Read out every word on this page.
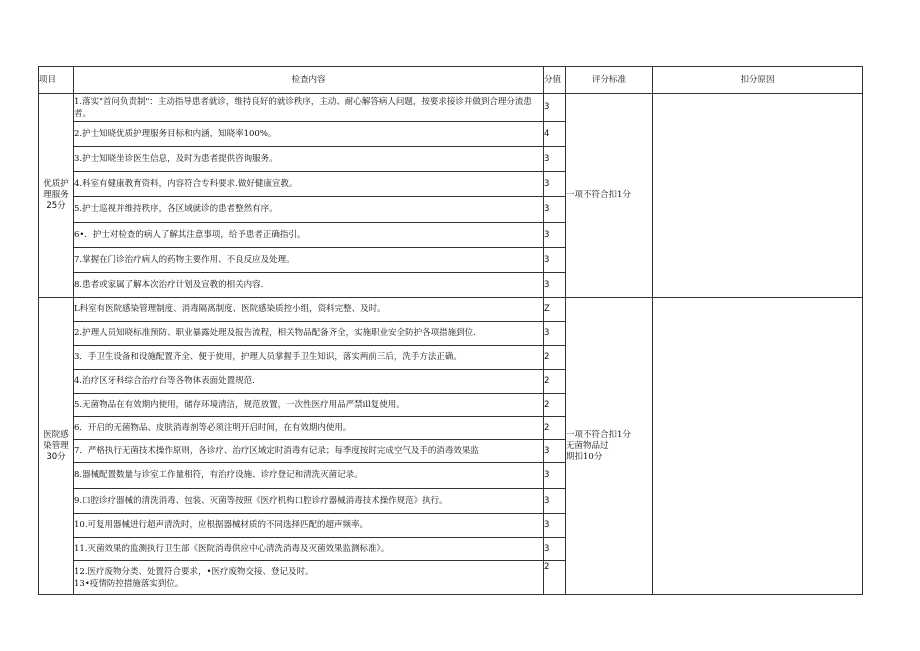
项目	检查内容	分值	评分标准	扣分原因

优质护
理服务
25分	1.落实"首问负责制"：主动指导患者就诊，维持良好的就诊秩序，主动、耐心解答病人问题，按要求接诊并做到合理分流患者。	3	一项不符合扣1分	
	2.护士知晓优质护理服务目标和内涵，知晓率100%。	4		
	3.护士知晓坐诊医生信息，及时为患者提供咨询服务。	3		
	4.科室有健康教育资料，内容符合专科要求.做好健康宣教。	3		
	5.护士巡视并维持秩序，各区域就诊的患者整然有序。	3		
	6•．护士对检查的病人了解其注意事项，给予患者正确指引。	3		
	7.掌握在门诊治疗病人的药物主要作用、不良反应及处理。	3		
	8.患者或家属了解本次治疗计划及宣教的相关内容.	3		

医院感
染管理
30分	L科室有医院感染管理制度、消毒隔离制度、医院感染质控小组，资料完整、及时。	Z	一项不符合扣1分
无菌物品过
期扣10分	

	2.护理人员知晓标准预防、职业暴露处理及报告流程，相关物品配备齐全，实施职业安全防护各项措施到位.	3		
	3．手卫生设备和设施配置齐全、便于使用，护理人员掌握手卫生知识，落实两前三后，洗手方法正确。	2		
	4.治疗区牙科综合治疗台等各物体表面处置规范.	2		
	5.无菌物品在有效期内使用，储存环境清洁，规范放置，一次性医疗用品严禁ill复使用。	2		
	6．开启的无菌物品、皮肤消毒剂等必须注明开启时间，在有效期内使用。	2		
	7．严格执行无菌技术操作原则，各诊疗、治疗区域定时消毒有记录；每季度按时完成空气及手的消毒效果监	3		
	8.器械配置数量与诊室工作量相符，有治疗设施、诊疗登记和清洗灭菌记录。	3		
	9.口腔诊疗器械的清洗消毒、包装、灭菌等按照《医疗机构口腔诊疗器械消毒技术操作规范》执行。	3		
	10.可复用器械进行超声清洗时，应根据器械材质的不同选择匹配的超声频率。	3		
	11.灭菌效果的监测执行卫生部《医院消毒供应中心清洗消毒及灭菌效果监测标准》。	3		

	12.医疗废物分类、处置符合要求，•医疗废物交接、登记及时。
13•疫情防控措施落实到位。	2		
